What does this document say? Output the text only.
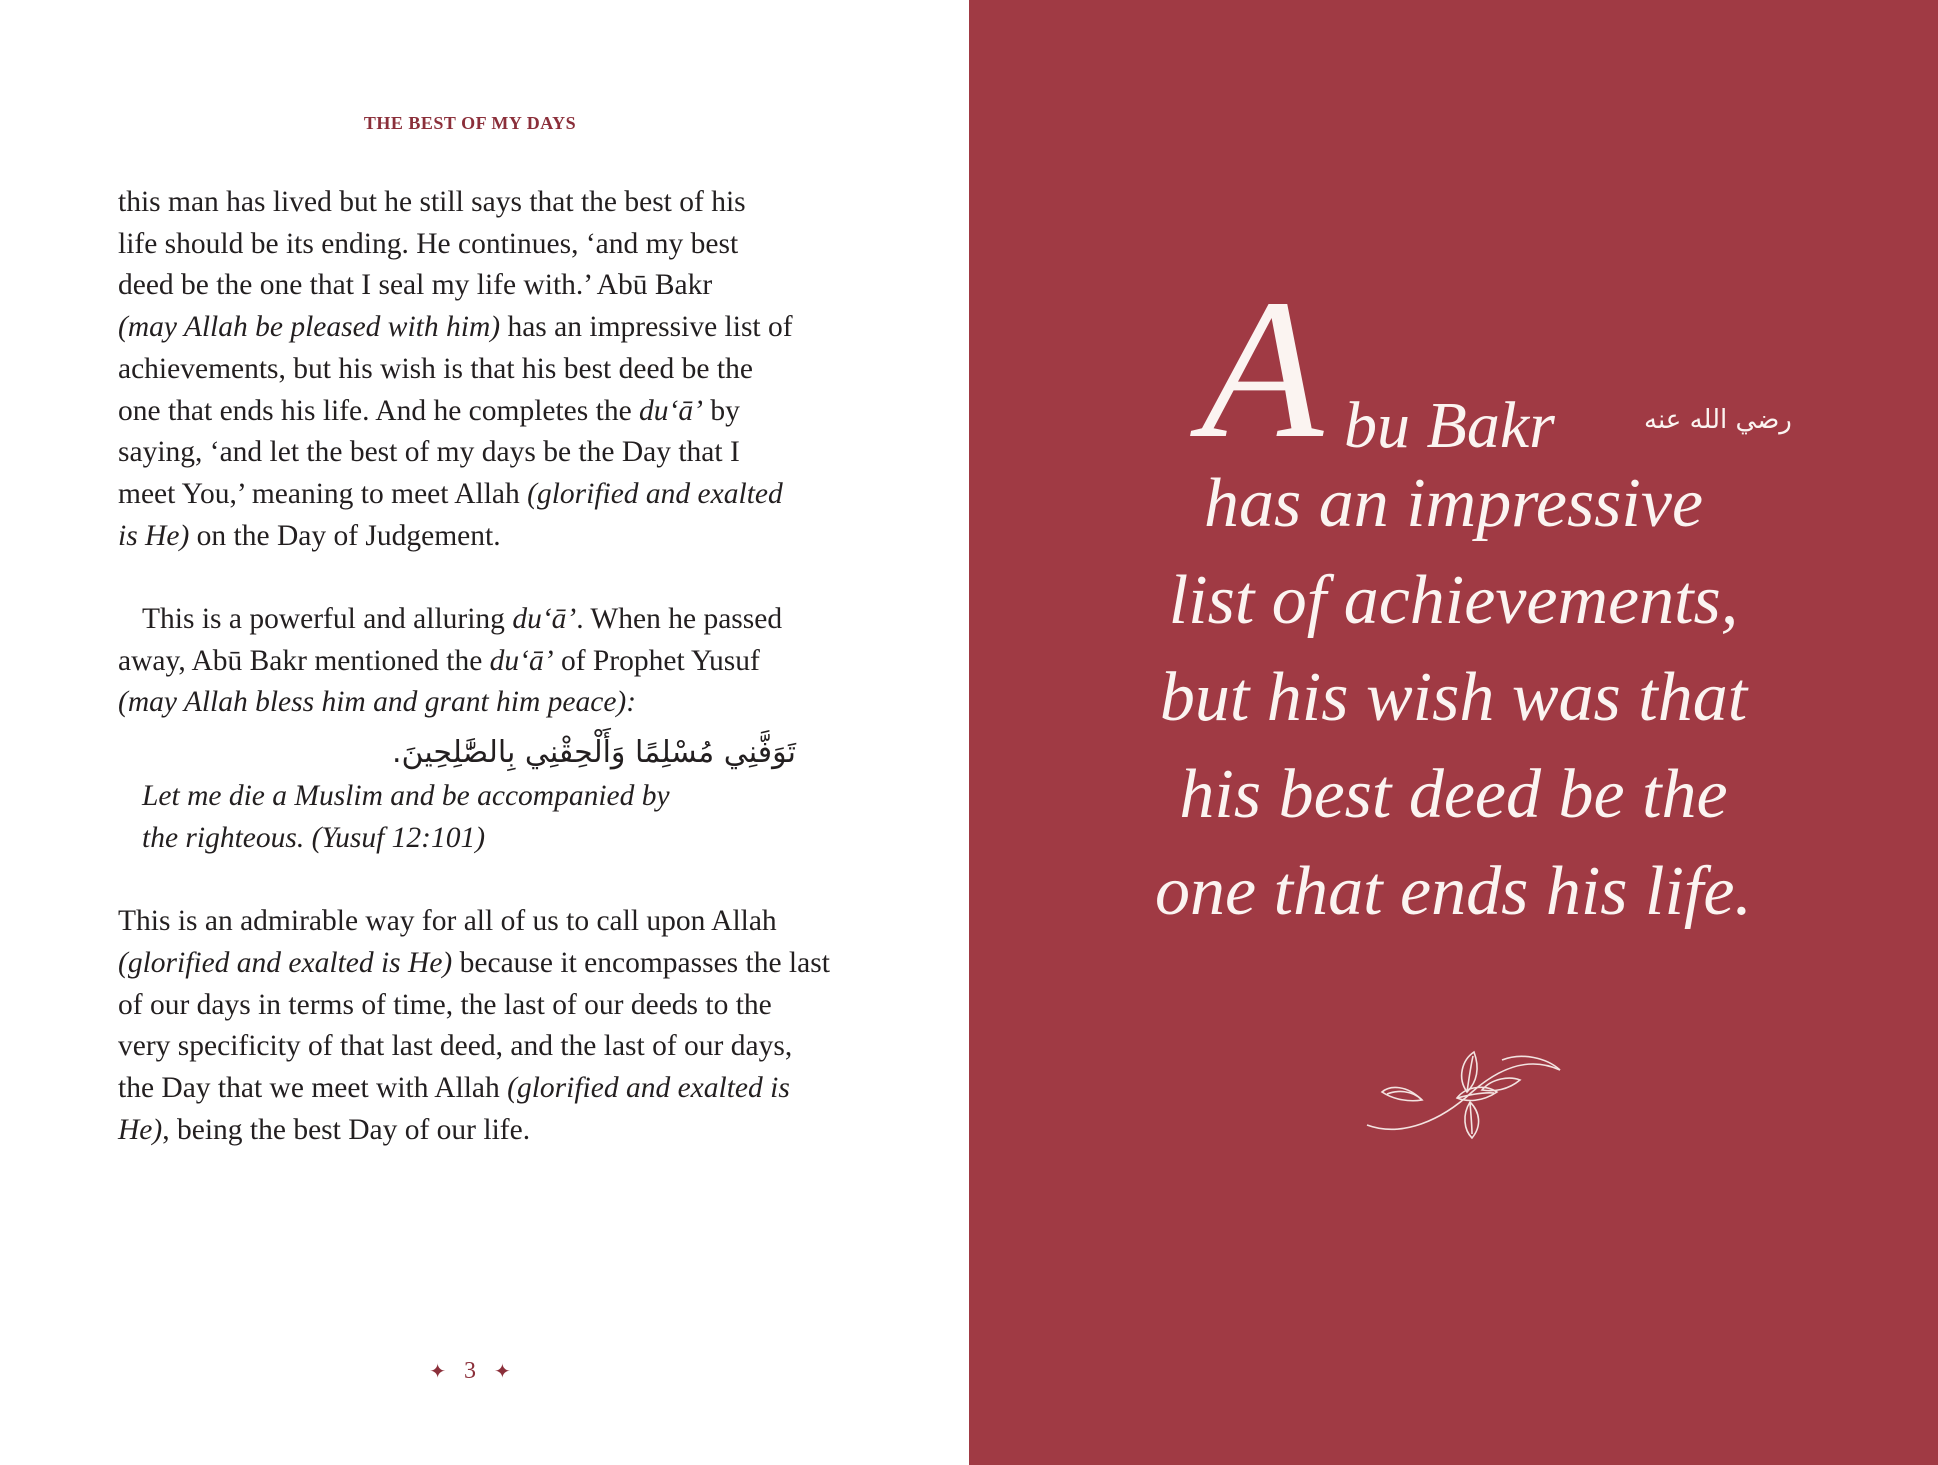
THE BEST OF MY DAYS
this man has lived but he still says that the best of his
life should be its ending. He continues, ‘and my best
deed be the one that I seal my life with.’ Abū Bakr
(may Allah be pleased with him) has an impressive list of
achievements, but his wish is that his best deed be the
one that ends his life. And he completes the du‘ā’ by
saying, ‘and let the best of my days be the Day that I
meet You,’ meaning to meet Allah (glorified and exalted
is He) on the Day of Judgement.
This is a powerful and alluring du‘ā’. When he passed
away, Abū Bakr mentioned the du‘ā’ of Prophet Yusuf
(may Allah bless him and grant him peace):
تَوَفَّنِي مُسْلِمًا وَأَلْحِقْنِي بِالصَّٰلِحِينَ.
Let me die a Muslim and be accompanied by
the righteous. (Yusuf 12:101)
This is an admirable way for all of us to call upon Allah
(glorified and exalted is He) because it encompasses the last
of our days in terms of time, the last of our deeds to the
very specificity of that last deed, and the last of our days,
the Day that we meet with Allah (glorified and exalted is
He), being the best Day of our life.
✦ 3 ✦
A bu Bakr	رضي الله عنه
has an impressive
list of achievements,
but his wish was that
his best deed be the
one that ends his life.
